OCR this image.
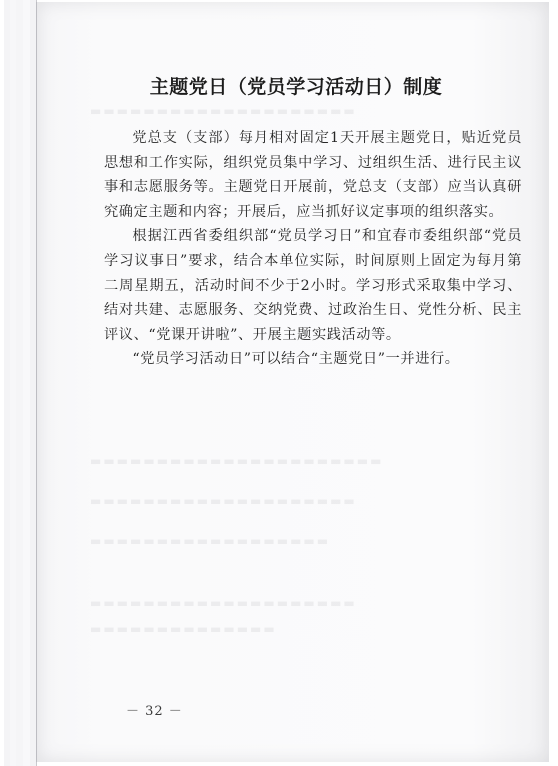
▬▬▬▬▬▬▬▬▬▬▬▬▬▬▬▬▬▬▬▬
▬▬▬▬▬▬▬▬▬▬▬▬▬▬▬▬▬▬▬▬▬▬
▬▬▬▬▬▬▬▬▬▬▬▬▬▬▬▬▬▬▬▬
▬▬▬▬▬▬▬▬▬▬▬▬▬▬▬▬▬▬
▬▬▬▬▬▬▬▬▬▬▬▬▬▬▬▬▬▬▬▬
▬▬▬▬▬▬▬▬▬▬▬▬▬▬
主题党日（党员学习活动日）制度

党总支（支部）每月相对固定1天开展主题党日，贴近党员思想和工作实际，组织党员集中学习、过组织生活、进行民主议事和志愿服务等。主题党日开展前，党总支（支部）应当认真研究确定主题和内容；开展后，应当抓好议定事项的组织落实。

根据江西省委组织部“党员学习日”和宜春市委组织部“党员学习议事日”要求，结合本单位实际，时间原则上固定为每月第二周星期五，活动时间不少于2小时。学习形式采取集中学习、结对共建、志愿服务、交纳党费、过政治生日、党性分析、民主评议、“党课开讲啦”、开展主题实践活动等。

“党员学习活动日”可以结合“主题党日”一并进行。

－ 32 －
